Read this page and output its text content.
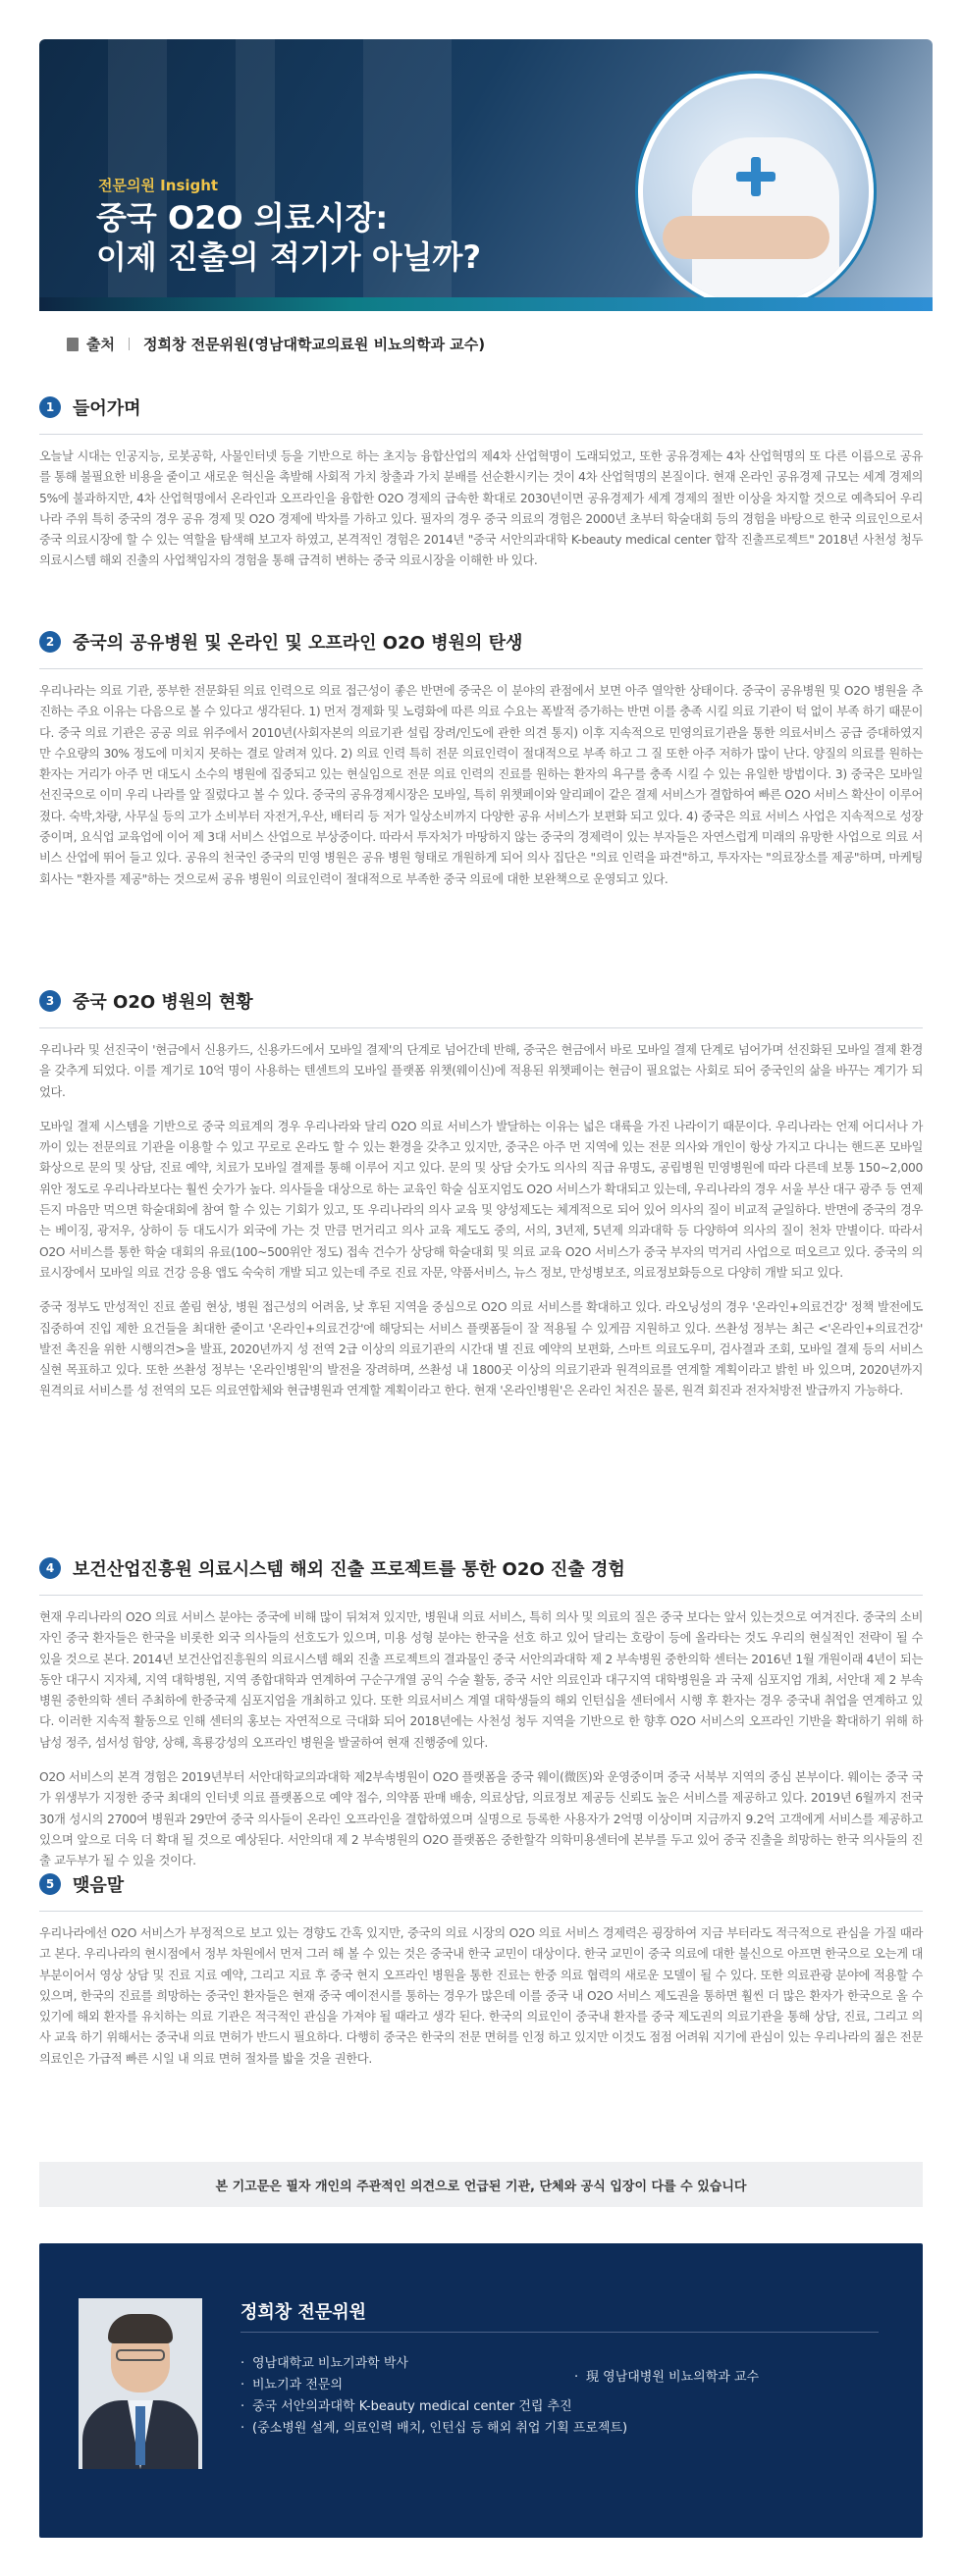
전문의원 Insight
중국 O2O 의료시장:
이제 진출의 적기가 아닐까?
출처 정희창 전문위원(영남대학교의료원 비뇨의학과 교수)
1	들어가며

오늘날 시대는 인공지능, 로봇공학, 사물인터넷 등을 기반으로 하는 초지능 융합산업의 제4차 산업혁명이 도래되었고, 또한 공유경제는 4차 산업혁명의 또 다른 이름으로 공유를 통해 불필요한 비용을 줄이고 새로운 혁신을 촉발해 사회적 가치 창출과 가치 분배를 선순환시키는 것이 4차 산업혁명의 본질이다. 현재 온라인 공유경제 규모는 세계 경제의 5%에 불과하지만, 4차 산업혁명에서 온라인과 오프라인을 융합한 O2O 경제의 급속한 확대로 2030년이면 공유경제가 세계 경제의 절반 이상을 차지할 것으로 예측되어 우리나라 주위 특히 중국의 경우 공유 경제 및 O2O 경제에 박차를 가하고 있다. 필자의 경우 중국 의료의 경험은 2000년 초부터 학술대회 등의 경험을 바탕으로 한국 의료인으로서 중국 의료시장에 할 수 있는 역할을 탐색해 보고자 하였고, 본격적인 경험은 2014년 "중국 서안의과대학 K-beauty medical center 합작 진출프로젝트" 2018년 사천성 청두 의료시스템 해외 진출의 사업책임자의 경험을 통해 급격히 변하는 중국 의료시장을 이해한 바 있다.

2	중국의 공유병원 및 온라인 및 오프라인 O2O 병원의 탄생

우리나라는 의료 기관, 풍부한 전문화된 의료 인력으로 의료 접근성이 좋은 반면에 중국은 이 분야의 관점에서 보면 아주 열악한 상태이다. 중국이 공유병원 및 O2O 병원을 추진하는 주요 이유는 다음으로 볼 수 있다고 생각된다. 1) 먼저 경제화 및 노령화에 따른 의료 수요는 폭발적 증가하는 반면 이를 충족 시킬 의료 기관이 턱 없이 부족 하기 때문이다. 중국 의료 기관은 공공 의료 위주에서 2010년(사회자본의 의료기관 설립 장려/인도에 관한 의견 통지) 이후 지속적으로 민영의료기관을 통한 의료서비스 공급 증대하였지만 수요량의 30% 정도에 미치지 못하는 결로 알려져 있다. 2) 의료 인력 특히 전문 의료인력이 절대적으로 부족 하고 그 질 또한 아주 저하가 많이 난다. 양질의 의료를 원하는 환자는 거리가 아주 먼 대도시 소수의 병원에 집중되고 있는 현실임으로 전문 의료 인력의 진료를 원하는 환자의 욕구를 충족 시킬 수 있는 유일한 방법이다. 3) 중국은 모바일 선진국으로 이미 우리 나라를 앞 질렀다고 볼 수 있다. 중국의 공유경제시장은 모바일, 특히 위챗페이와 알리페이 같은 결제 서비스가 결합하여 빠른 O2O 서비스 확산이 이루어졌다. 숙박,차량, 사무실 등의 고가 소비부터 자전거,우산, 배터리 등 저가 일상소비까지 다양한 공유 서비스가 보편화 되고 있다. 4) 중국은 의료 서비스 사업은 지속적으로 성장 중이며, 요식업 교육업에 이어 제 3대 서비스 산업으로 부상중이다. 따라서 투자처가 마땅하지 않는 중국의 경제력이 있는 부자들은 자연스럽게 미래의 유망한 사업으로 의료 서비스 산업에 뛰어 들고 있다. 공유의 천국인 중국의 민영 병원은 공유 병원 형태로 개원하게 되어 의사 집단은 "의료 인력을 파견"하고, 투자자는 "의료장소를 제공"하며, 마케팅 회사는 "환자를 제공"하는 것으로써 공유 병원이 의료인력이 절대적으로 부족한 중국 의료에 대한 보완책으로 운영되고 있다.

3	중국 O2O 병원의 현황

우리나라 및 선진국이 '현금에서 신용카드, 신용카드에서 모바일 결제'의 단계로 넘어간데 반해, 중국은 현금에서 바로 모바일 결제 단계로 넘어가며 선진화된 모바일 결제 환경을 갖추게 되었다. 이를 계기로 10억 명이 사용하는 텐센트의 모바일 플랫폼 위챗(웨이신)에 적용된 위챗페이는 현금이 필요없는 사회로 되어 중국인의 삶을 바꾸는 계기가 되었다.

모바일 결제 시스템을 기반으로 중국 의료계의 경우 우리나라와 달리 O2O 의료 서비스가 발달하는 이유는 넓은 대륙을 가진 나라이기 때문이다. 우리나라는 언제 어디서나 가까이 있는 전문의료 기관을 이용할 수 있고 꾸로로 온라도 할 수 있는 환경을 갖추고 있지만, 중국은 아주 먼 지역에 있는 전문 의사와 개인이 항상 가지고 다니는 핸드폰 모바일 화상으로 문의 및 상담, 진료 예약, 치료가 모바일 결제를 통해 이루어 지고 있다. 문의 및 상담 숫가도 의사의 직급 유명도, 공립병원 민영병원에 따라 다른데 보통 150~2,000위안 정도로 우리나라보다는 훨씬 숫가가 높다. 의사들을 대상으로 하는 교육인 학술 심포지엄도 O2O 서비스가 확대되고 있는데, 우리나라의 경우 서울 부산 대구 광주 등 연제든지 마음만 먹으면 학술대회에 참여 할 수 있는 기회가 있고, 또 우리나라의 의사 교육 및 양성제도는 체계적으로 되어 있어 의사의 질이 비교적 균일하다. 반면에 중국의 경우는 베이징, 광저우, 상하이 등 대도시가 외국에 가는 것 만큼 먼거리고 의사 교육 제도도 중의, 서의, 3년제, 5년제 의과대학 등 다양하여 의사의 질이 천차 만별이다. 따라서 O2O 서비스를 통한 학술 대회의 유료(100~500위안 정도) 접속 건수가 상당해 학술대회 및 의료 교육 O2O 서비스가 중국 부자의 먹거리 사업으로 떠오르고 있다. 중국의 의료시장에서 모바일 의료 건강 응용 앱도 숙숙히 개발 되고 있는데 주로 진료 자문, 약품서비스, 뉴스 정보, 만성병보조, 의료정보화등으로 다양히 개발 되고 있다.

중국 정부도 만성적인 진료 쏠림 현상, 병원 접근성의 어려움, 낮 후된 지역을 중심으로 O2O 의료 서비스를 확대하고 있다. 라오닝성의 경우 '온라인+의료건강' 정책 발전에도 집중하여 진입 제한 요건들을 최대한 줄이고 '온라인+의료건강'에 해당되는 서비스 플랫폼들이 잘 적용될 수 있게끔 지원하고 있다. 쓰촨성 정부는 최근 <'온라인+의료건강' 발전 촉진을 위한 시행의견>을 발표, 2020년까지 성 전역 2급 이상의 의료기관의 시간대 별 진료 예약의 보편화, 스마트 의료도우미, 검사결과 조회, 모바일 결제 등의 서비스 실현 목표하고 있다. 또한 쓰촨성 정부는 '온라인병원'의 발전을 장려하며, 쓰촨성 내 1800곳 이상의 의료기관과 원격의료를 연계할 계획이라고 밝힌 바 있으며, 2020년까지 원격의료 서비스를 성 전역의 모든 의료연합체와 현급병원과 연계할 계획이라고 한다. 현재 '온라인병원'은 온라인 처진은 물론, 원격 회진과 전자처방전 발급까지 가능하다.

4	보건산업진흥원 의료시스템 해외 진출 프로젝트를 통한 O2O 진출 경험

현재 우리나라의 O2O 의료 서비스 분야는 중국에 비해 많이 뒤쳐져 있지만, 병원내 의료 서비스, 특히 의사 및 의료의 질은 중국 보다는 앞서 있는것으로 여겨진다. 중국의 소비자인 중국 환자들은 한국을 비롯한 외국 의사들의 선호도가 있으며, 미용 성형 분야는 한국을 선호 하고 있어 달리는 호랑이 등에 올라타는 것도 우리의 현실적인 전략이 될 수 있을 것으로 본다. 2014년 보건산업진흥원의 의료시스템 해외 진출 프로젝트의 결과물인 중국 서안의과대학 제 2 부속병원 중한의학 센터는 2016년 1월 개원이래 4년이 되는 동안 대구시 지자체, 지역 대학병원, 지역 종합대학과 연계하여 구순구개열 공익 수술 활동, 중국 서안 의료인과 대구지역 대학병원을 과 국제 심포지엄 개최, 서안대 제 2 부속병원 중한의학 센터 주최하에 한중국제 심포지엄을 개최하고 있다. 또한 의료서비스 계열 대학생들의 해외 인턴십을 센터에서 시행 후 환자는 경우 중국내 취업을 연계하고 있다. 이러한 지속적 활동으로 인해 센터의 홍보는 자연적으로 극대화 되어 2018년에는 사천성 청두 지역을 기반으로 한 향후 O2O 서비스의 오프라인 기반을 확대하기 위해 하남성 정주, 섬서성 함양, 상해, 흑룡강성의 오프라인 병원을 발굴하여 현재 진행중에 있다.

O2O 서비스의 본격 경험은 2019년부터 서안대학교의과대학 제2부속병원이 O2O 플랫폼을 중국 웨이(微医)와 운영중이며 중국 서북부 지역의 중심 본부이다. 웨이는 중국 국가 위생부가 지정한 중국 최대의 인터넷 의료 플랫폼으로 예약 접수, 의약품 판매 배송, 의료상담, 의료정보 제공등 신뢰도 높은 서비스를 제공하고 있다. 2019년 6월까지 전국 30개 성시의 2700여 병원과 29만여 중국 의사들이 온라인 오프라인을 결합하였으며 실명으로 등록한 사용자가 2억명 이상이며 지금까지 9.2억 고객에게 서비스를 제공하고 있으며 앞으로 더욱 더 확대 될 것으로 예상된다. 서안의대 제 2 부속병원의 O2O 플랫폼은 중한할각 의학미용센터에 본부를 두고 있어 중국 진출을 희망하는 한국 의사들의 진출 교두부가 될 수 있을 것이다.

5	맺음말

우리나라에선 O2O 서비스가 부정적으로 보고 있는 경향도 간혹 있지만, 중국의 의료 시장의 O2O 의료 서비스 경제력은 굉장하여 지금 부터라도 적극적으로 관심을 가질 때라고 본다. 우리나라의 현시점에서 정부 차원에서 먼저 그러 해 볼 수 있는 것은 중국내 한국 교민이 대상이다. 한국 교민이 중국 의료에 대한 불신으로 아프면 한국으로 오는게 대부분이어서 영상 상담 및 진료 지료 예약, 그리고 지료 후 중국 현지 오프라인 병원을 통한 진료는 한중 의료 협력의 새로운 모델이 될 수 있다. 또한 의료관광 분야에 적용할 수 있으며, 한국의 진료를 희망하는 중국인 환자들은 현재 중국 예이전시를 통하는 경우가 많은데 이를 중국 내 O2O 서비스 제도권을 통하면 훨씬 더 많은 환자가 한국으로 올 수 있기에 해외 환자를 유치하는 의료 기관은 적극적인 관심을 가져야 될 때라고 생각 된다. 한국의 의료인이 중국내 환자를 중국 제도권의 의료기관을 통해 상담, 진료, 그리고 의사 교육 하기 위해서는 중국내 의료 면허가 반드시 필요하다. 다행히 중국은 한국의 전문 면허를 인정 하고 있지만 이것도 점점 어려워 지기에 관심이 있는 우리나라의 젊은 전문 의료인은 가급적 빠른 시일 내 의료 면허 절차를 밟을 것을 권한다.

본 기고문은 필자 개인의 주관적인 의견으로 언급된 기관, 단체와 공식 입장이 다를 수 있습니다
정희창 전문위원
· 영남대학교 비뇨기과학 박사
· 비뇨기과 전문의
· 중국 서안의과대학 K-beauty medical center 건립 추진
· (중소병원 설계, 의료인력 배치, 인턴십 등 해외 취업 기획 프로젝트)
· 現 영남대병원 비뇨의학과 교수
